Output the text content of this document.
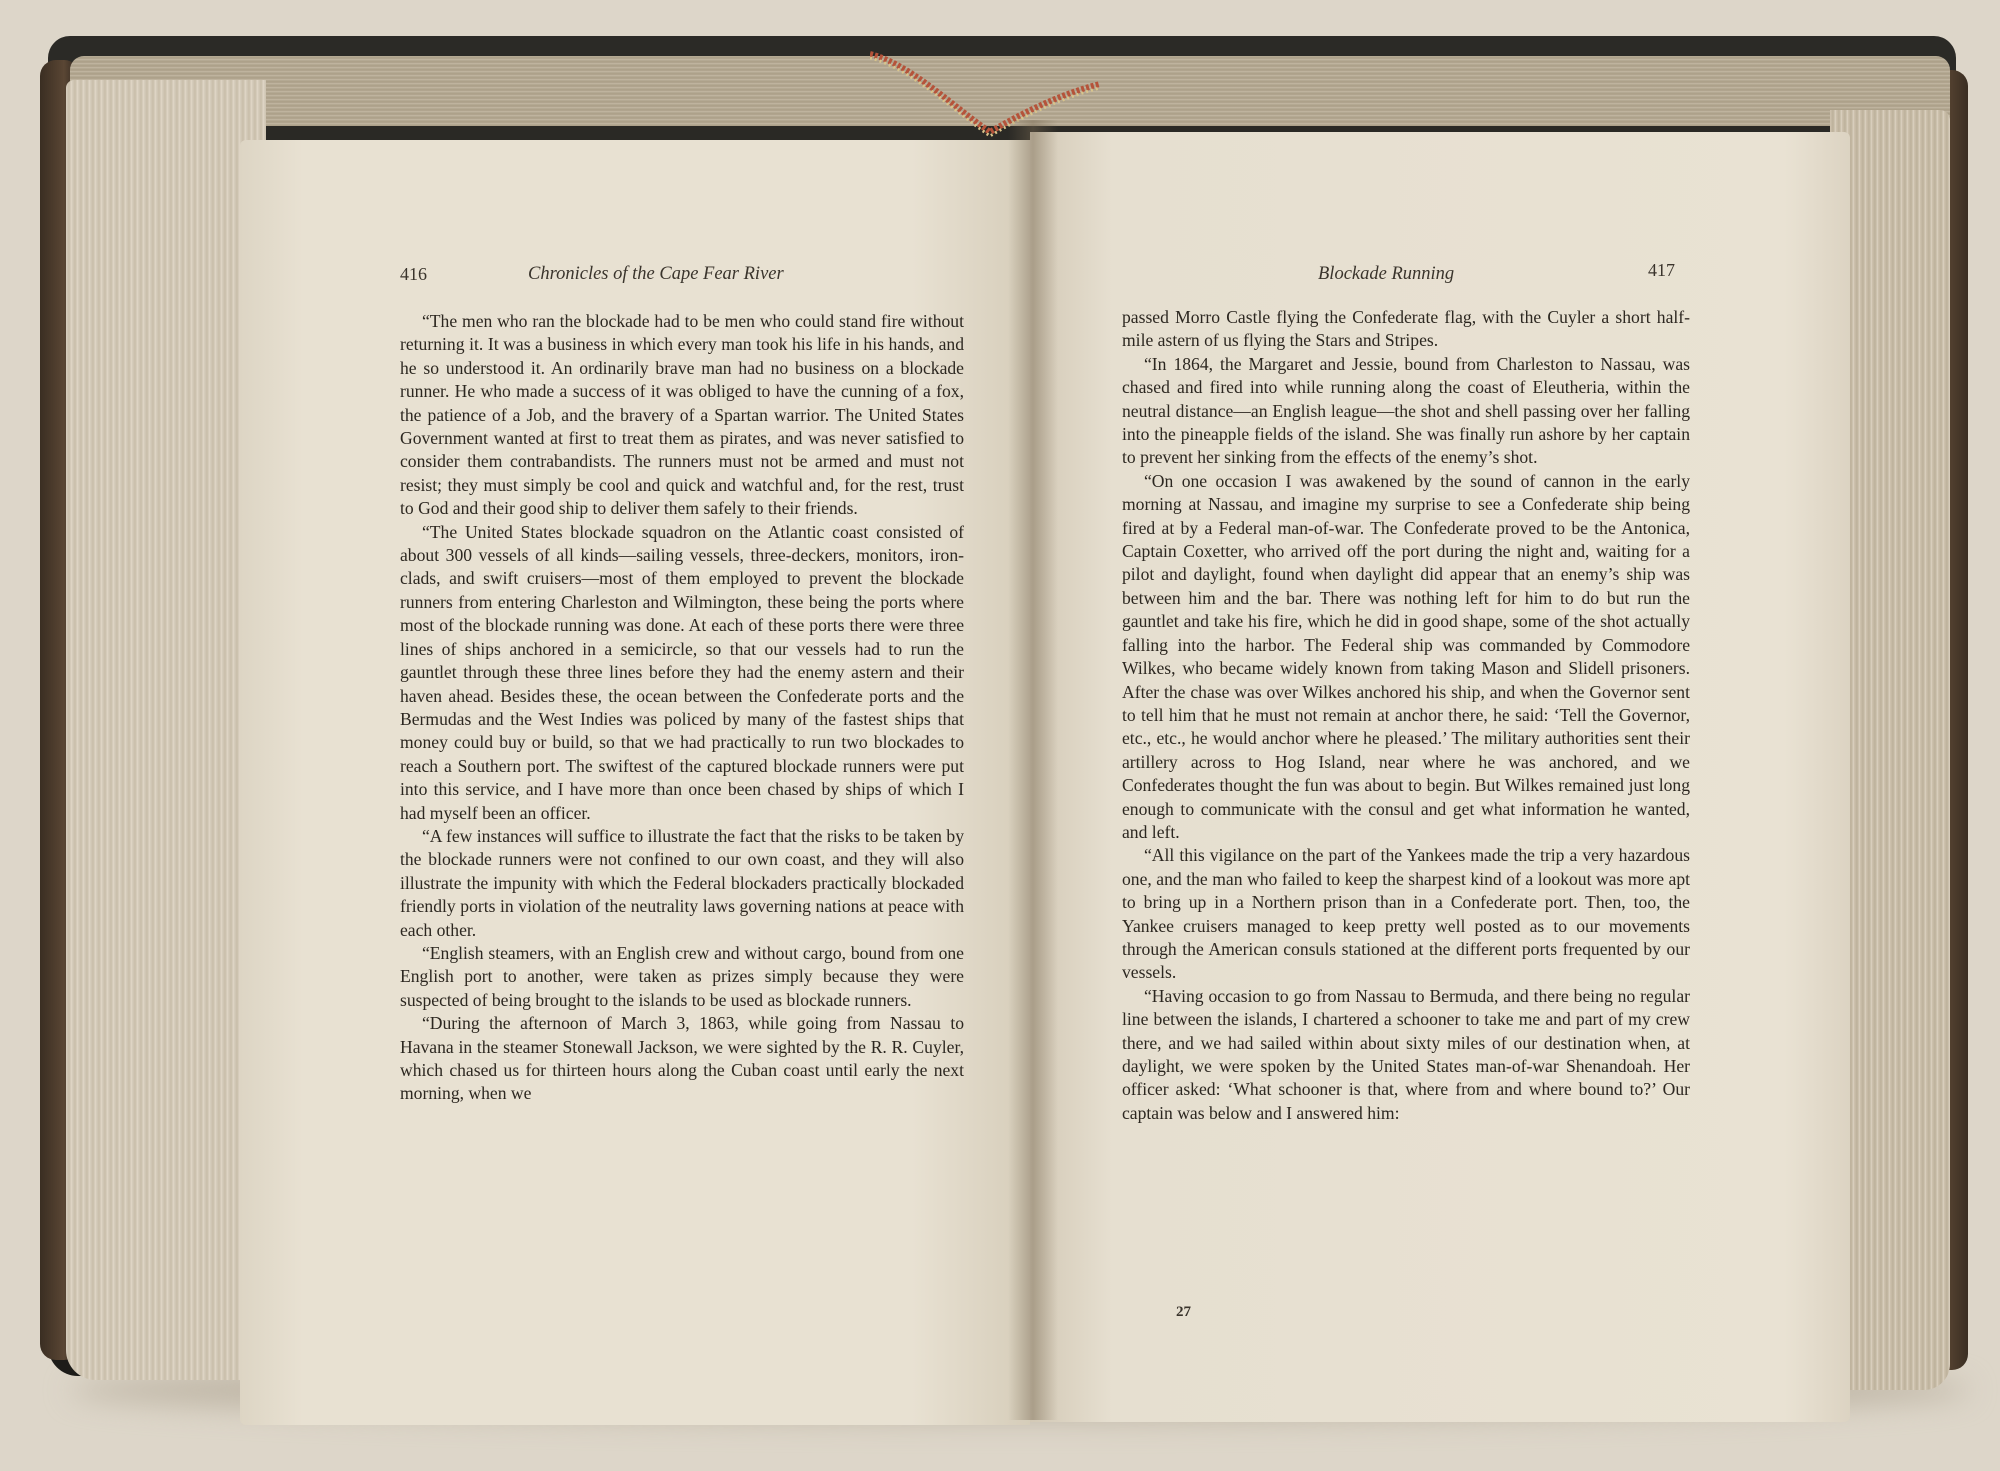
416	Chronicles of the Cape Fear River

“The men who ran the blockade had to be men who could stand fire without returning it. It was a business in which every man took his life in his hands, and he so understood it. An ordinarily brave man had no business on a blockade runner. He who made a success of it was obliged to have the cunning of a fox, the patience of a Job, and the bravery of a Spartan warrior. The United States Government wanted at first to treat them as pirates, and was never satisfied to consider them contrabandists. The runners must not be armed and must not resist; they must simply be cool and quick and watchful and, for the rest, trust to God and their good ship to deliver them safely to their friends.

“The United States blockade squadron on the Atlantic coast consisted of about 300 vessels of all kinds—sailing vessels, three-deckers, monitors, iron-clads, and swift cruisers—most of them employed to prevent the blockade runners from entering Charleston and Wilmington, these being the ports where most of the blockade running was done. At each of these ports there were three lines of ships anchored in a semicircle, so that our vessels had to run the gauntlet through these three lines before they had the enemy astern and their haven ahead. Besides these, the ocean between the Confederate ports and the Bermudas and the West Indies was policed by many of the fastest ships that money could buy or build, so that we had practically to run two blockades to reach a Southern port. The swiftest of the captured blockade runners were put into this service, and I have more than once been chased by ships of which I had myself been an officer.

“A few instances will suffice to illustrate the fact that the risks to be taken by the blockade runners were not confined to our own coast, and they will also illustrate the impunity with which the Federal blockaders practically blockaded friendly ports in violation of the neutrality laws governing nations at peace with each other.

“English steamers, with an English crew and without cargo, bound from one English port to another, were taken as prizes simply because they were suspected of being brought to the islands to be used as blockade runners.

“During the afternoon of March 3, 1863, while going from Nassau to Havana in the steamer Stonewall Jackson, we were sighted by the R. R. Cuyler, which chased us for thirteen hours along the Cuban coast until early the next morning, when we

Blockade Running	417

passed Morro Castle flying the Confederate flag, with the Cuyler a short half-mile astern of us flying the Stars and Stripes.

“In 1864, the Margaret and Jessie, bound from Charleston to Nassau, was chased and fired into while running along the coast of Eleutheria, within the neutral distance—an English league—the shot and shell passing over her falling into the pineapple fields of the island. She was finally run ashore by her captain to prevent her sinking from the effects of the enemy’s shot.

“On one occasion I was awakened by the sound of cannon in the early morning at Nassau, and imagine my surprise to see a Confederate ship being fired at by a Federal man-of-war. The Confederate proved to be the Antonica, Captain Coxetter, who arrived off the port during the night and, waiting for a pilot and daylight, found when daylight did appear that an enemy’s ship was between him and the bar. There was nothing left for him to do but run the gauntlet and take his fire, which he did in good shape, some of the shot actually falling into the harbor. The Federal ship was commanded by Commodore Wilkes, who became widely known from taking Mason and Slidell prisoners. After the chase was over Wilkes anchored his ship, and when the Governor sent to tell him that he must not remain at anchor there, he said: ‘Tell the Governor, etc., etc., he would anchor where he pleased.’ The military authorities sent their artillery across to Hog Island, near where he was anchored, and we Confederates thought the fun was about to begin. But Wilkes remained just long enough to communicate with the consul and get what information he wanted, and left.

“All this vigilance on the part of the Yankees made the trip a very hazardous one, and the man who failed to keep the sharpest kind of a lookout was more apt to bring up in a Northern prison than in a Confederate port. Then, too, the Yankee cruisers managed to keep pretty well posted as to our movements through the American consuls stationed at the different ports frequented by our vessels.

“Having occasion to go from Nassau to Bermuda, and there being no regular line between the islands, I chartered a schooner to take me and part of my crew there, and we had sailed within about sixty miles of our destination when, at daylight, we were spoken by the United States man-of-war Shenandoah. Her officer asked: ‘What schooner is that, where from and where bound to?’ Our captain was below and I answered him:

27
